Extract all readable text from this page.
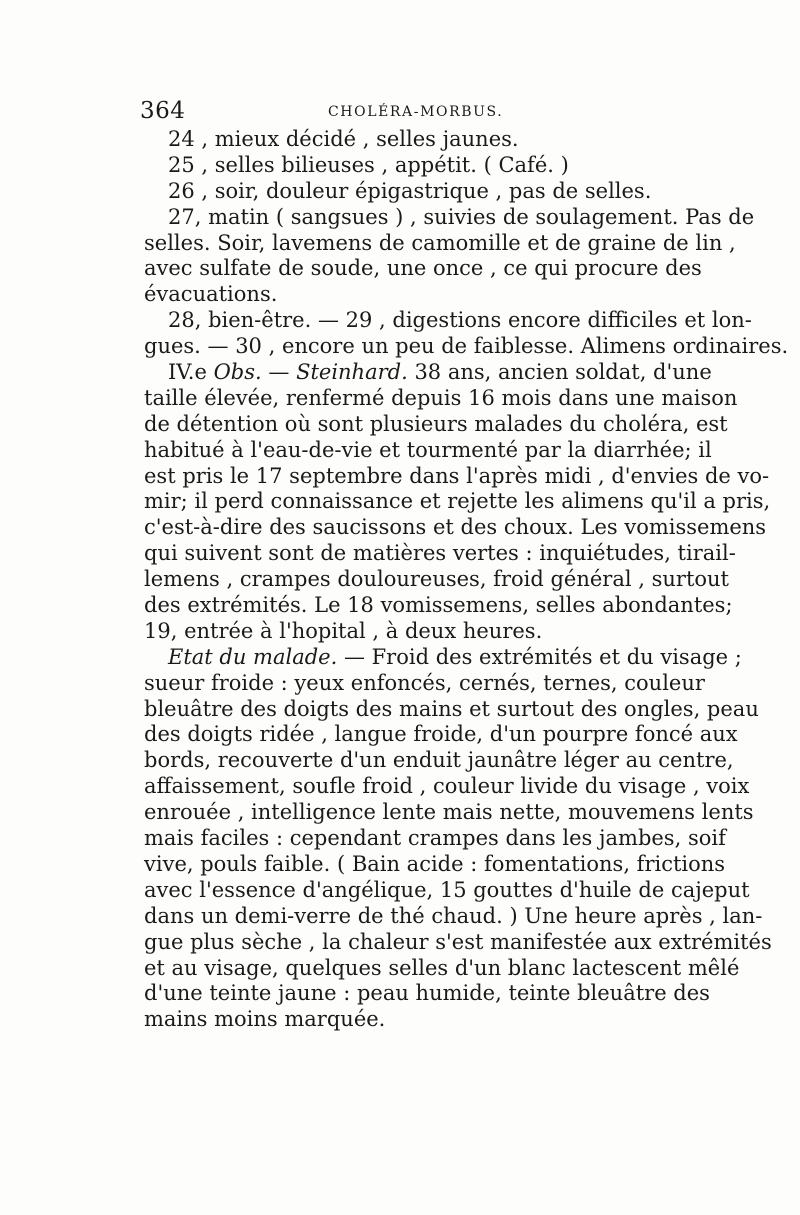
364	CHOLÉRA-MORBUS.
24 , mieux décidé , selles jaunes.
25 , selles bilieuses , appétit. ( Café. )
26 , soir, douleur épigastrique , pas de selles.
27, matin ( sangsues ) , suivies de soulagement. Pas de
selles. Soir, lavemens de camomille et de graine de lin ,
avec sulfate de soude, une once , ce qui procure des
évacuations.
28, bien-être. — 29 , digestions encore difficiles et lon-
gues. — 30 , encore un peu de faiblesse. Alimens ordinaires.
IV.e Obs. — Steinhard. 38 ans, ancien soldat, d'une
taille élevée, renfermé depuis 16 mois dans une maison
de détention où sont plusieurs malades du choléra, est
habitué à l'eau-de-vie et tourmenté par la diarrhée; il
est pris le 17 septembre dans l'après midi , d'envies de vo-
mir; il perd connaissance et rejette les alimens qu'il a pris,
c'est-à-dire des saucissons et des choux. Les vomissemens
qui suivent sont de matières vertes : inquiétudes, tirail-
lemens , crampes douloureuses, froid général , surtout
des extrémités. Le 18 vomissemens, selles abondantes;
19, entrée à l'hopital , à deux heures.
Etat du malade. — Froid des extrémités et du visage ;
sueur froide : yeux enfoncés, cernés, ternes, couleur
bleuâtre des doigts des mains et surtout des ongles, peau
des doigts ridée , langue froide, d'un pourpre foncé aux
bords, recouverte d'un enduit jaunâtre léger au centre,
affaissement, soufle froid , couleur livide du visage , voix
enrouée , intelligence lente mais nette, mouvemens lents
mais faciles : cependant crampes dans les jambes, soif
vive, pouls faible. ( Bain acide : fomentations, frictions
avec l'essence d'angélique, 15 gouttes d'huile de cajeput
dans un demi-verre de thé chaud. ) Une heure après , lan-
gue plus sèche , la chaleur s'est manifestée aux extrémités
et au visage, quelques selles d'un blanc lactescent mêlé
d'une teinte jaune : peau humide, teinte bleuâtre des
mains moins marquée.
